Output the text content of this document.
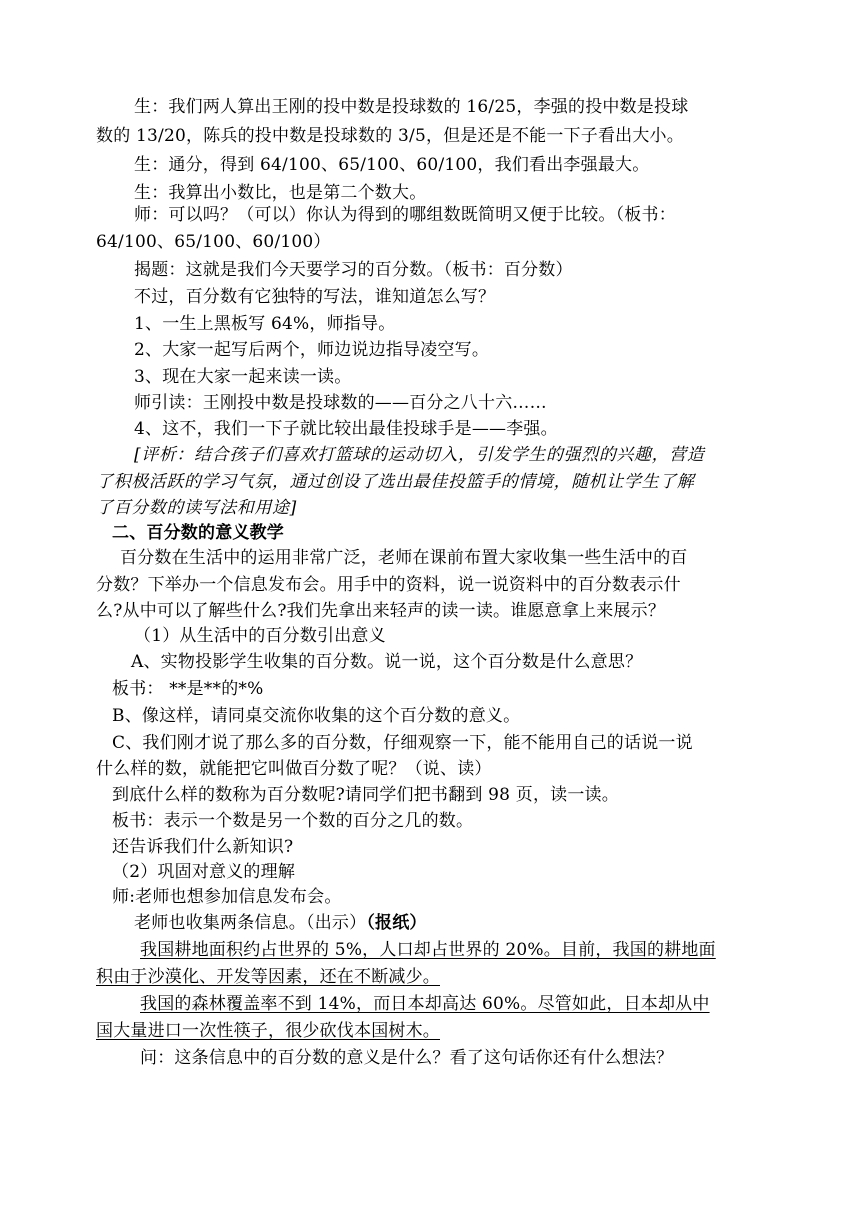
生：我们两人算出王刚的投中数是投球数的 16/25，李强的投中数是投球
数的 13/20，陈兵的投中数是投球数的 3/5，但是还是不能一下子看出大小。
生：通分，得到 64/100、65/100、60/100，我们看出李强最大。
生：我算出小数比，也是第二个数大。
师：可以吗？（可以）你认为得到的哪组数既简明又便于比较。（板书：
64/100、65/100、60/100）
揭题：这就是我们今天要学习的百分数。（板书：百分数）
不过，百分数有它独特的写法，谁知道怎么写？
1、一生上黑板写 64%，师指导。
2、大家一起写后两个，师边说边指导凌空写。
3、现在大家一起来读一读。
师引读：王刚投中数是投球数的——百分之八十六……
4、这不，我们一下子就比较出最佳投球手是——李强。
[评析：结合孩子们喜欢打篮球的运动切入，引发学生的强烈的兴趣，营造
了积极活跃的学习气氛，通过创设了选出最佳投篮手的情境，随机让学生了解
了百分数的读写法和用途]
二、百分数的意义教学
百分数在生活中的运用非常广泛，老师在课前布置大家收集一些生活中的百
分数？下举办一个信息发布会。用手中的资料，说一说资料中的百分数表示什
么?从中可以了解些什么?我们先拿出来轻声的读一读。谁愿意拿上来展示？
（1）从生活中的百分数引出意义
A、实物投影学生收集的百分数。说一说，这个百分数是什么意思？
板书： **是**的*%
B、像这样，请同桌交流你收集的这个百分数的意义。
C、我们刚才说了那么多的百分数，仔细观察一下，能不能用自己的话说一说
什么样的数，就能把它叫做百分数了呢？（说、读）
到底什么样的数称为百分数呢?请同学们把书翻到 98 页，读一读。
板书：表示一个数是另一个数的百分之几的数。
还告诉我们什么新知识?
（2）巩固对意义的理解
师:老师也想参加信息发布会。
老师也收集两条信息。（出示）（报纸）
我国耕地面积约占世界的 5%，人口却占世界的 20%。目前，我国的耕地面
积由于沙漠化、开发等因素，还在不断减少。
我国的森林覆盖率不到 14%，而日本却高达 60%。尽管如此，日本却从中
国大量进口一次性筷子，很少砍伐本国树木。
问：这条信息中的百分数的意义是什么？看了这句话你还有什么想法？
